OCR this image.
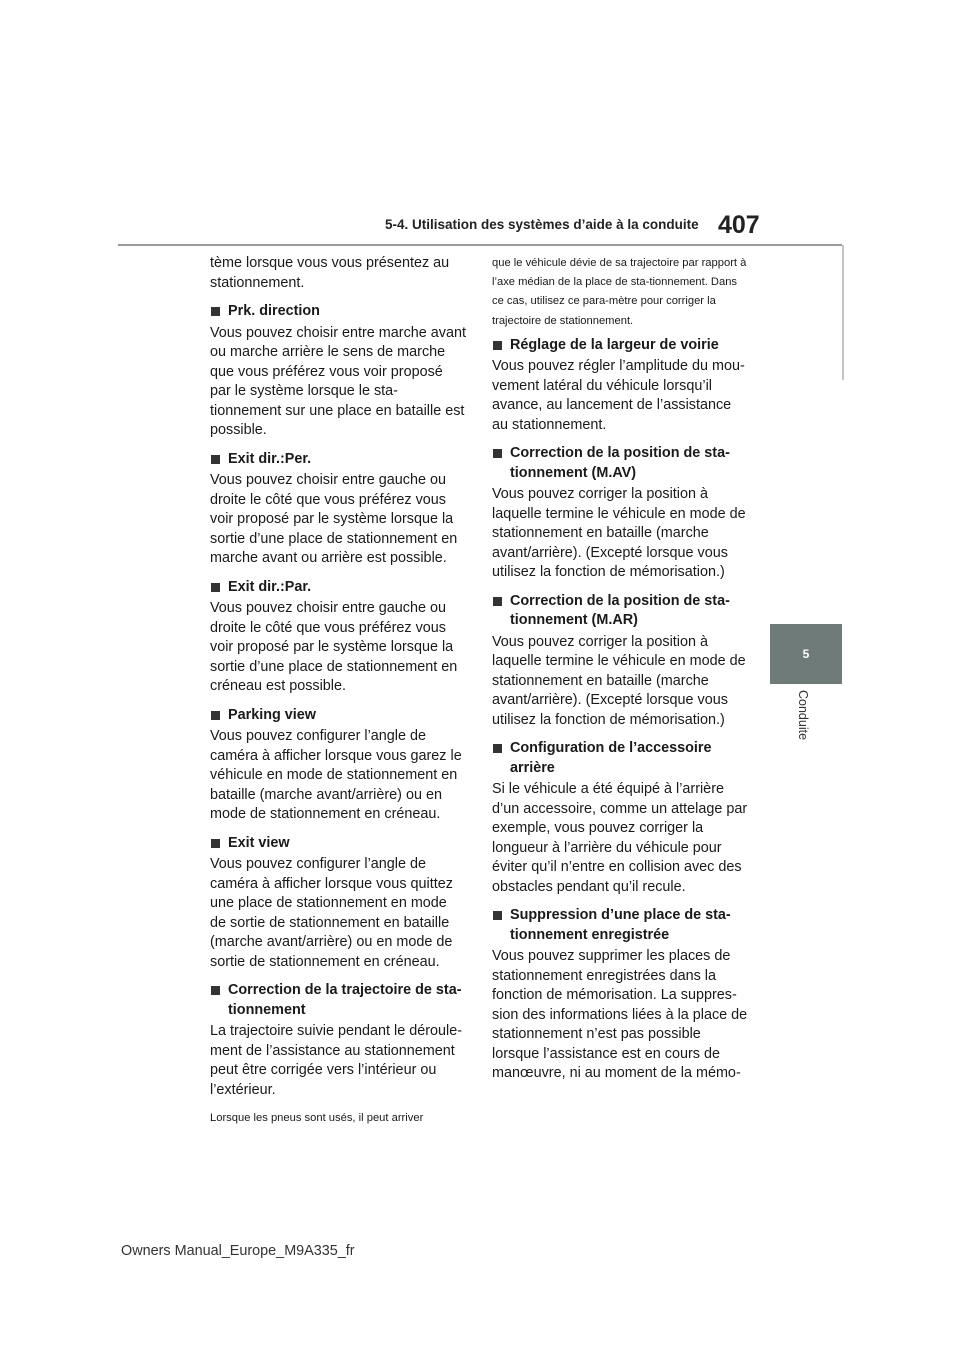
5-4. Utilisation des systèmes d’aide à la conduite 407
5
Conduite

tème lorsque vous vous présentez au stationnement.

Prk. direction

Vous pouvez choisir entre marche avant ou marche arrière le sens de marche que vous préférez vous voir proposé par le système lorsque le sta-tionnement sur une place en bataille est possible.

Exit dir.:Per.

Vous pouvez choisir entre gauche ou droite le côté que vous préférez vous voir proposé par le système lorsque la sortie d’une place de stationnement en marche avant ou arrière est possible.

Exit dir.:Par.

Vous pouvez choisir entre gauche ou droite le côté que vous préférez vous voir proposé par le système lorsque la sortie d’une place de stationnement en créneau est possible.

Parking view

Vous pouvez configurer l’angle de caméra à afficher lorsque vous garez le véhicule en mode de stationnement en bataille (marche avant/arrière) ou en mode de stationnement en créneau.

Exit view

Vous pouvez configurer l’angle de caméra à afficher lorsque vous quittez une place de stationnement en mode de sortie de stationnement en bataille (marche avant/arrière) ou en mode de sortie de stationnement en créneau.

Correction de la trajectoire de sta-tionnement

La trajectoire suivie pendant le déroule-ment de l’assistance au stationnement peut être corrigée vers l’intérieur ou l’extérieur.

Lorsque les pneus sont usés, il peut arriver

que le véhicule dévie de sa trajectoire par rapport à l’axe médian de la place de sta-tionnement. Dans ce cas, utilisez ce para-mètre pour corriger la trajectoire de stationnement.

Réglage de la largeur de voirie

Vous pouvez régler l’amplitude du mou-vement latéral du véhicule lorsqu’il avance, au lancement de l’assistance au stationnement.

Correction de la position de sta-tionnement (M.AV)

Vous pouvez corriger la position à laquelle termine le véhicule en mode de stationnement en bataille (marche avant/arrière). (Excepté lorsque vous utilisez la fonction de mémorisation.)

Correction de la position de sta-tionnement (M.AR)

Vous pouvez corriger la position à laquelle termine le véhicule en mode de stationnement en bataille (marche avant/arrière). (Excepté lorsque vous utilisez la fonction de mémorisation.)

Configuration de l’accessoire arrière

Si le véhicule a été équipé à l’arrière d’un accessoire, comme un attelage par exemple, vous pouvez corriger la longueur à l’arrière du véhicule pour éviter qu’il n’entre en collision avec des obstacles pendant qu’il recule.

Suppression d’une place de sta-tionnement enregistrée

Vous pouvez supprimer les places de stationnement enregistrées dans la fonction de mémorisation. La suppres-sion des informations liées à la place de stationnement n’est pas possible lorsque l’assistance est en cours de manœuvre, ni au moment de la mémo-

Owners Manual_Europe_M9A335_fr
